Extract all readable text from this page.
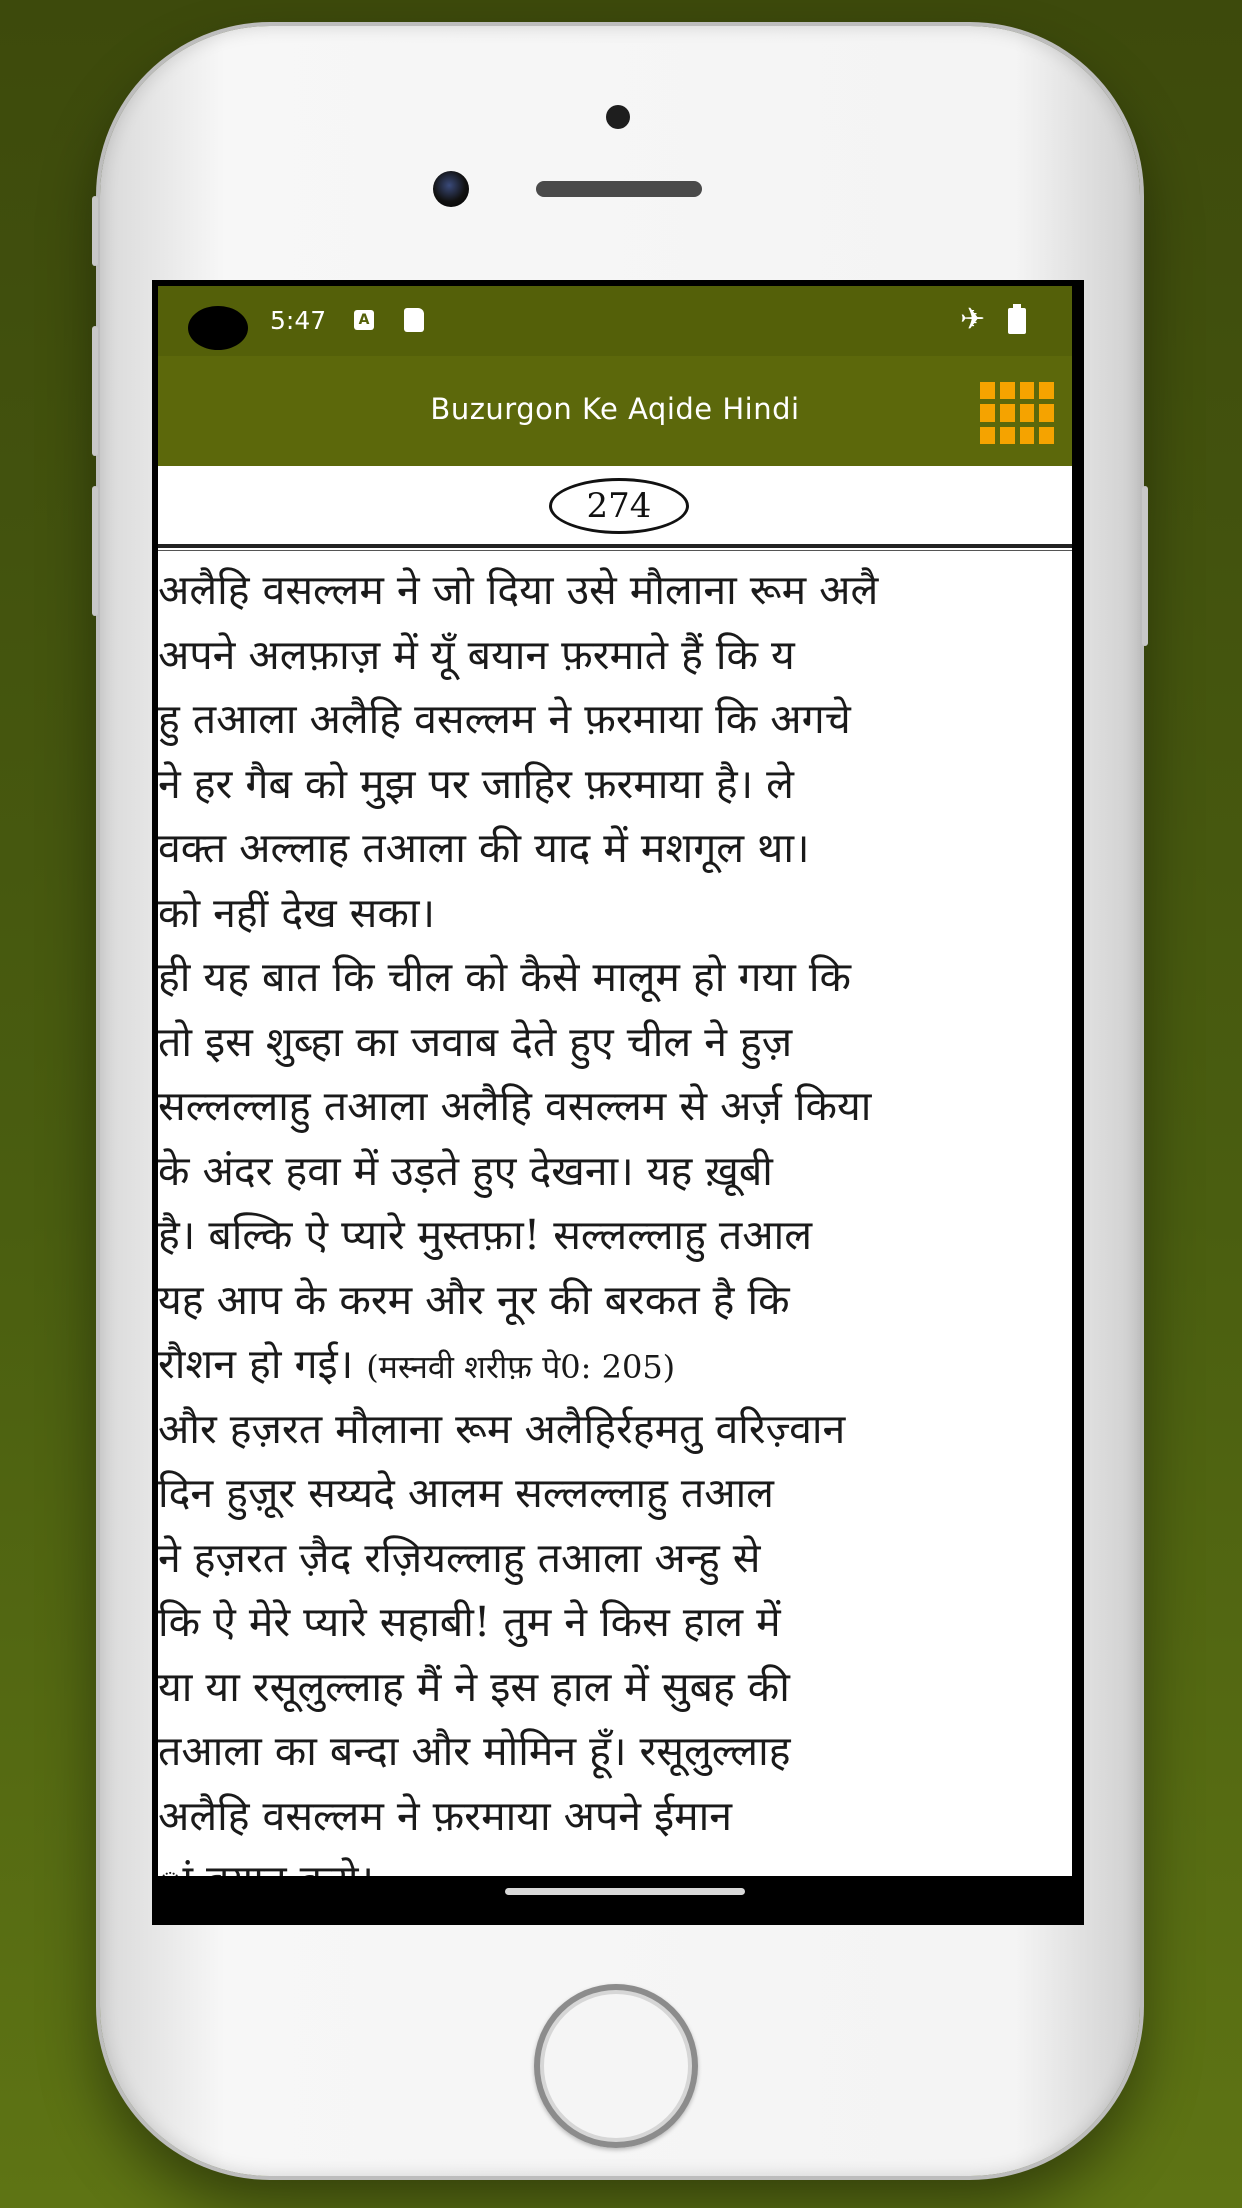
5:47	A	✈
Buzurgon Ke Aqide Hindi
274
अलैहि वसल्लम ने जो दिया उसे मौलाना रूम अलै
अपने अलफ़ाज़ में यूँ बयान फ़रमाते हैं कि य
हु तआला अलैहि वसल्लम ने फ़रमाया कि अगचे
ने हर गैब को मुझ पर जाहिर फ़रमाया है। ले
वक्त अल्लाह तआला की याद में मशगूल था।
को नहीं देख सका।
ही यह बात कि चील को कैसे मालूम हो गया कि
तो इस शुब्हा का जवाब देते हुए चील ने हुज़
सल्लल्लाहु तआला अलैहि वसल्लम से अर्ज़ किया
के अंदर हवा में उड़ते हुए देखना। यह ख़ूबी
है। बल्कि ऐ प्यारे मुस्तफ़ा! सल्लल्लाहु तआल
यह आप के करम और नूर की बरकत है कि
रौशन हो गई। (मस्नवी शरीफ़ पे0: 205)
और हज़रत मौलाना रूम अलैहिर्रहमतु वरिज़्वान
दिन हुज़ूर सय्यदे आलम सल्लल्लाहु तआल
ने हज़रत ज़ैद रज़ियल्लाहु तआला अन्हु से
कि ऐ मेरे प्यारे सहाबी! तुम ने किस हाल में
या या रसूलुल्लाह मैं ने इस हाल में सुबह की
तआला का बन्दा और मोमिन हूँ। रसूलुल्लाह
अलैहि वसल्लम ने फ़रमाया अपने ईमान
